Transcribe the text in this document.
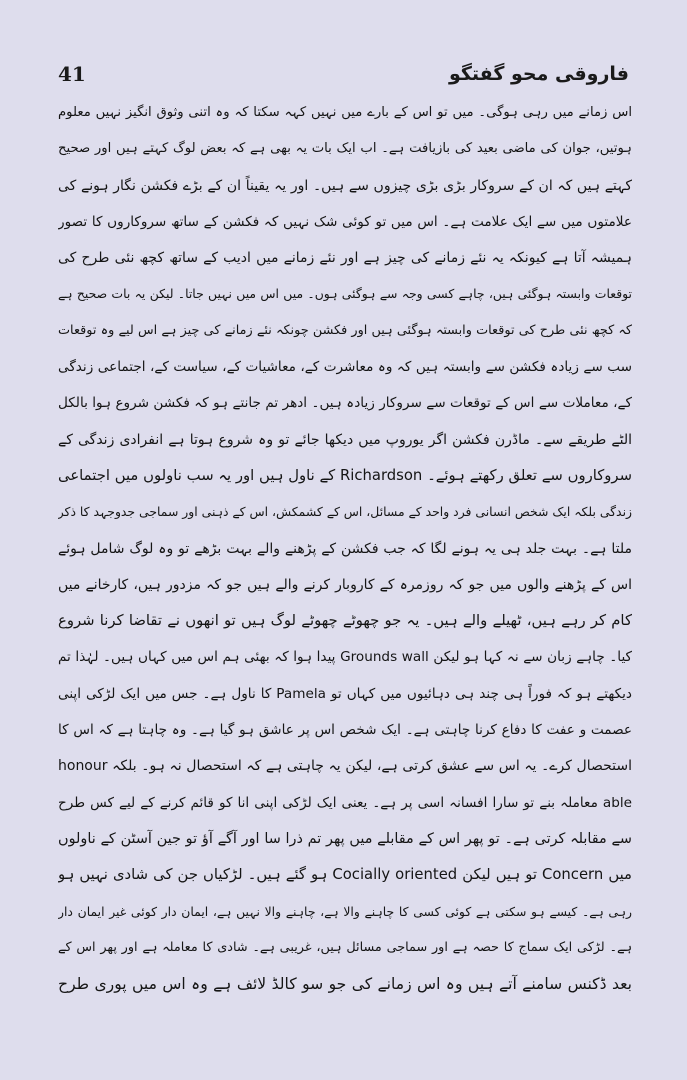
41	فاروقی محو گفتگو
اس زمانے میں رہی ہوگی۔ میں تو اس کے بارے میں نہیں کہہ سکتا کہ وہ اتنی وثوق انگیز نہیں معلوم
ہوتیں، جوان کی ماضی بعید کی بازیافت ہے۔ اب ایک بات یہ بھی ہے کہ بعض لوگ کہتے ہیں اور صحیح
کہتے ہیں کہ ان کے سروکار بڑی بڑی چیزوں سے ہیں۔ اور یہ یقیناً ان کے بڑے فکشن نگار ہونے کی
علامتوں میں سے ایک علامت ہے۔ اس میں تو کوئی شک نہیں کہ فکشن کے ساتھ سروکاروں کا تصور
ہمیشہ آتا ہے کیونکہ یہ نئے زمانے کی چیز ہے اور نئے زمانے میں ادیب کے ساتھ کچھ نئی طرح کی
توقعات وابستہ ہوگئی ہیں، چاہے کسی وجہ سے ہوگئی ہوں۔ میں اس میں نہیں جاتا۔ لیکن یہ بات صحیح ہے
کہ کچھ نئی طرح کی توقعات وابستہ ہوگئی ہیں اور فکشن چونکہ نئے زمانے کی چیز ہے اس لیے وہ توقعات
سب سے زیادہ فکشن سے وابستہ ہیں کہ وہ معاشرت کے، معاشیات کے، سیاست کے، اجتماعی زندگی
کے، معاملات سے اس کے توقعات سے سروکار زیادہ ہیں۔ ادھر تم جانتے ہو کہ فکشن شروع ہوا بالکل
الٹے طریقے سے۔ ماڈرن فکشن اگر یوروپ میں دیکھا جائے تو وہ شروع ہوتا ہے انفرادی زندگی کے
سروکاروں سے تعلق رکھتے ہوئے۔ Richardson کے ناول ہیں اور یہ سب ناولوں میں اجتماعی
زندگی بلکہ ایک شخص انسانی فرد واحد کے مسائل، اس کے کشمکش، اس کے ذہنی اور سماجی جدوجہد کا ذکر
ملتا ہے۔ بہت جلد ہی یہ ہونے لگا کہ جب فکشن کے پڑھنے والے بہت بڑھے تو وہ لوگ شامل ہوئے
اس کے پڑھنے والوں میں جو کہ روزمرہ کے کاروبار کرنے والے ہیں جو کہ مزدور ہیں، کارخانے میں
کام کر رہے ہیں، ٹھیلے والے ہیں۔ یہ جو چھوٹے چھوٹے لوگ ہیں تو انھوں نے تقاضا کرنا شروع
کیا۔ چاہے زبان سے نہ کہا ہو لیکن Grounds wall پیدا ہوا کہ بھئی ہم اس میں کہاں ہیں۔ لہٰذا تم
دیکھتے ہو کہ فوراً ہی چند ہی دہائیوں میں کہاں تو Pamela کا ناول ہے۔ جس میں ایک لڑکی اپنی
عصمت و عفت کا دفاع کرنا چاہتی ہے۔ ایک شخص اس پر عاشق ہو گیا ہے۔ وہ چاہتا ہے کہ اس کا
استحصال کرے۔ یہ اس سے عشق کرتی ہے، لیکن یہ چاہتی ہے کہ استحصال نہ ہو۔ بلکہ honour
able معاملہ بنے تو سارا افسانہ اسی پر ہے۔ یعنی ایک لڑکی اپنی انا کو قائم کرنے کے لیے کس طرح
سے مقابلہ کرتی ہے۔ تو پھر اس کے مقابلے میں پھر تم ذرا سا اور آگے آؤ تو جین آسٹن کے ناولوں
میں Concern تو ہیں لیکن Cocially oriented ہو گئے ہیں۔ لڑکیاں جن کی شادی نہیں ہو
رہی ہے۔ کیسے ہو سکتی ہے کوئی کسی کا چاہنے والا ہے، چاہنے والا نہیں ہے، ایمان دار کوئی غیر ایمان دار
ہے۔ لڑکی ایک سماج کا حصہ ہے اور سماجی مسائل ہیں، غریبی ہے۔ شادی کا معاملہ ہے اور پھر اس کے
بعد ڈکنس سامنے آتے ہیں وہ اس زمانے کی جو سو کالڈ لائف ہے وہ اس میں پوری طرح
